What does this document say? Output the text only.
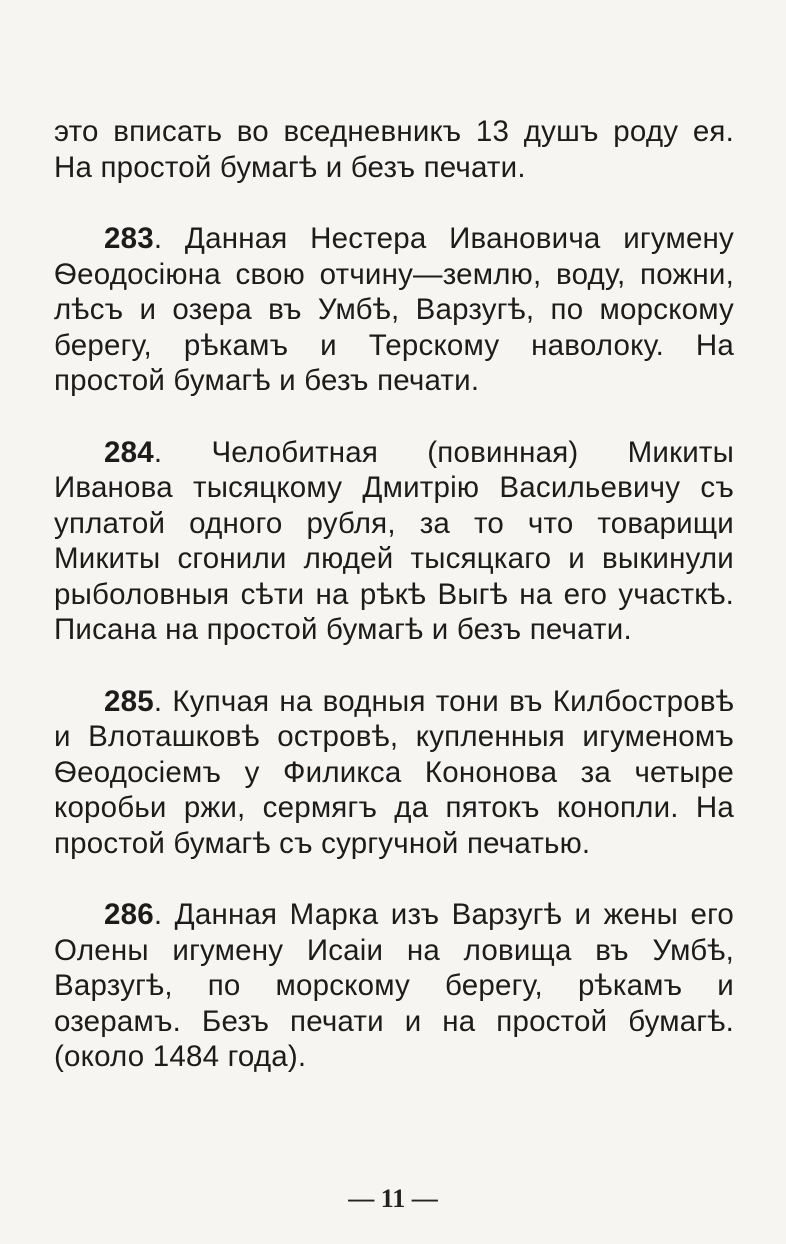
это вписать во вседневникъ 13 душъ роду ея. На простой бумагѣ и безъ печати.

283. Данная Нестера Ивановича игумену Ѳеодосіюна свою отчину—землю, воду, пожни, лѣсъ и озера въ Умбѣ, Варзугѣ, по морскому берегу, рѣкамъ и Терскому наволоку. На простой бумагѣ и безъ печати.

284. Челобитная (повинная) Микиты Иванова тысяцкому Дмитрію Васильевичу съ уплатой одного рубля, за то что товарищи Микиты сгонили людей тысяцкаго и выкинули рыболовныя сѣти на рѣкѣ Выгѣ на его участкѣ. Писана на простой бумагѣ и безъ печати.

285. Купчая на водныя тони въ Килбостровѣ и Влоташковѣ островѣ, купленныя игуменомъ Ѳеодосіемъ у Филикса Кононова за четыре коробьи ржи, сермягъ да пятокъ конопли. На простой бумагѣ съ сургучной печатью.

286. Данная Марка изъ Варзугѣ и жены его Олены игумену Исаіи на ловища въ Умбѣ, Варзугѣ, по морскому берегу, рѣкамъ и озерамъ. Безъ печати и на простой бумагѣ. (около 1484 года).

— 11 —
